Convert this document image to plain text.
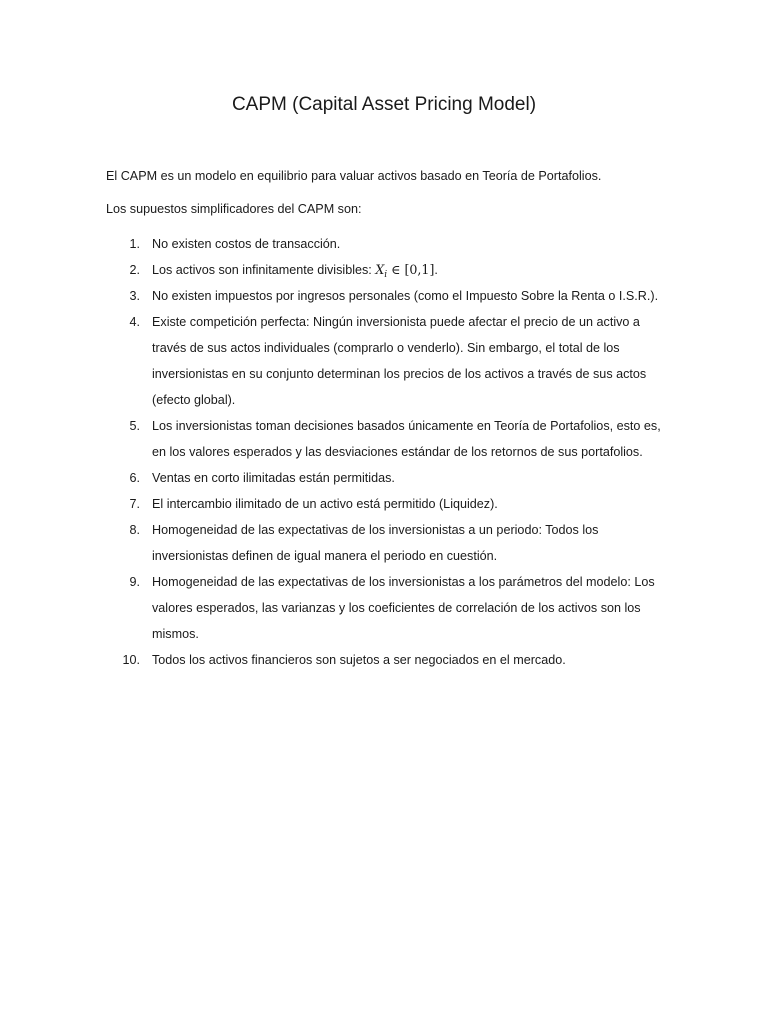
CAPM (Capital Asset Pricing Model)
El CAPM es un modelo en equilibrio para valuar activos basado en Teoría de Portafolios.
Los supuestos simplificadores del CAPM son:
1. No existen costos de transacción.
2. Los activos son infinitamente divisibles: $X_i$ ∈ [0,1].
3. No existen impuestos por ingresos personales (como el Impuesto Sobre la Renta o I.S.R.).
4. Existe competición perfecta: Ningún inversionista puede afectar el precio de un activo a través de sus actos individuales (comprarlo o venderlo). Sin embargo, el total de los inversionistas en su conjunto determinan los precios de los activos a través de sus actos (efecto global).
5. Los inversionistas toman decisiones basados únicamente en Teoría de Portafolios, esto es, en los valores esperados y las desviaciones estándar de los retornos de sus portafolios.
6. Ventas en corto ilimitadas están permitidas.
7. El intercambio ilimitado de un activo está permitido (Liquidez).
8. Homogeneidad de las expectativas de los inversionistas a un periodo: Todos los inversionistas definen de igual manera el periodo en cuestión.
9. Homogeneidad de las expectativas de los inversionistas a los parámetros del modelo: Los valores esperados, las varianzas y los coeficientes de correlación de los activos son los mismos.
10. Todos los activos financieros son sujetos a ser negociados en el mercado.
